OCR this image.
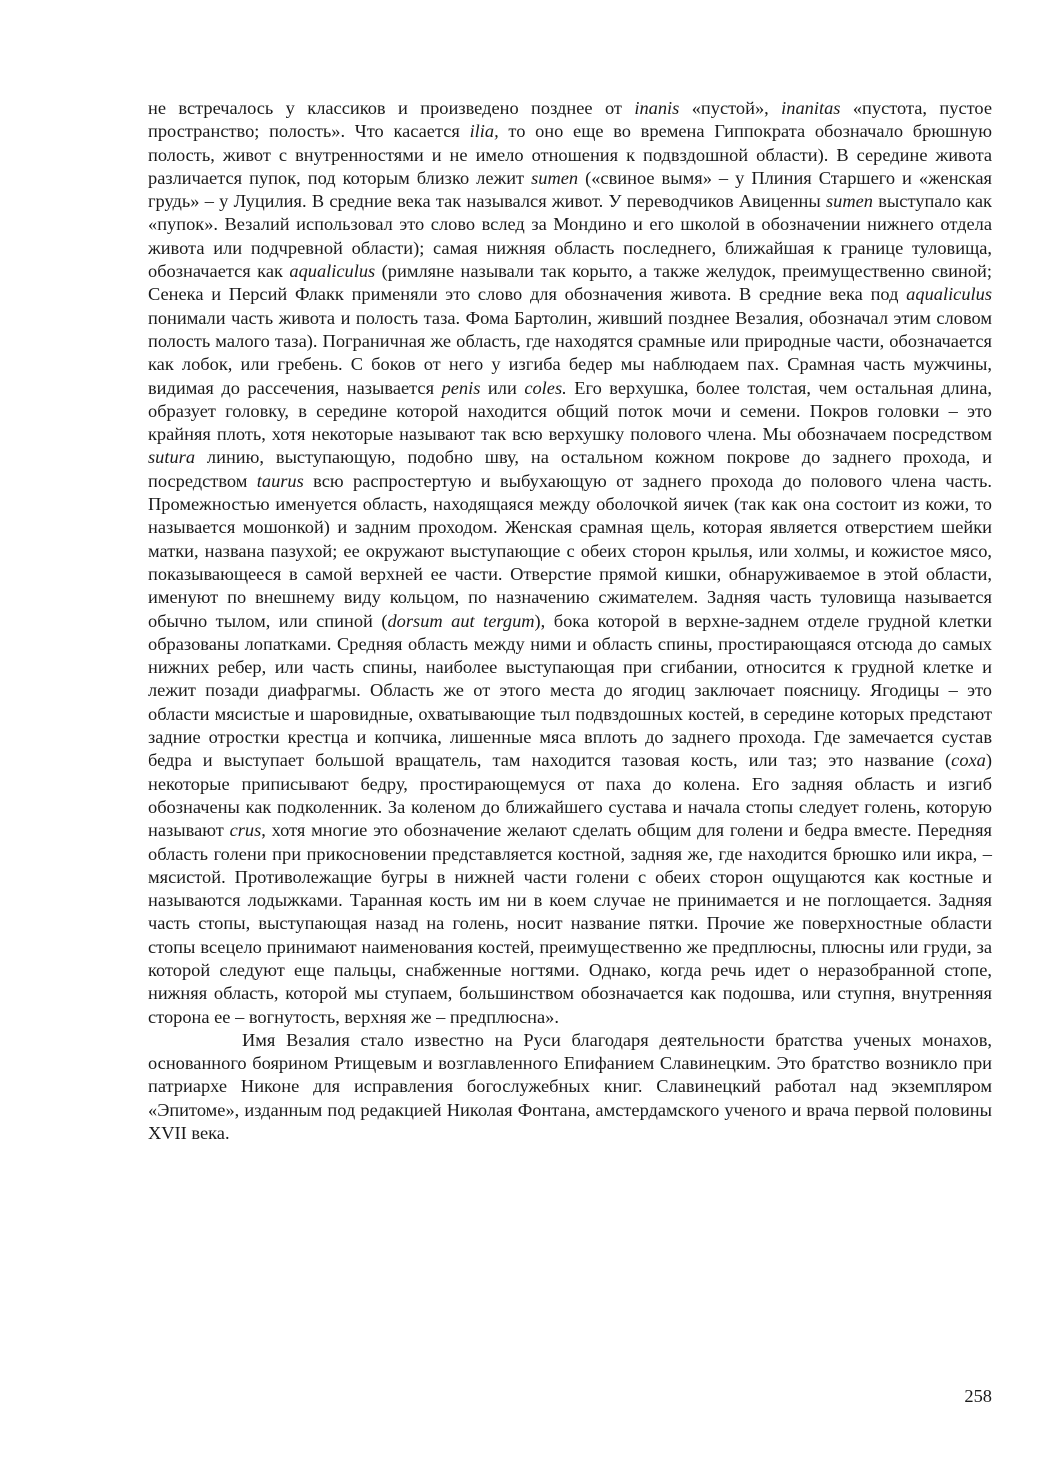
не встречалось у классиков и произведено позднее от inanis «пустой», inanitas «пустота, пустое пространство; полость». Что касается ilia, то оно еще во времена Гиппократа обозначало брюшную полость, живот с внутренностями и не имело отношения к подвздошной области). В середине живота различается пупок, под которым близко лежит sumen («свиное вымя» – у Плиния Старшего и «женская грудь» – у Луцилия. В средние века так назывался живот. У переводчиков Авиценны sumen выступало как «пупок». Везалий использовал это слово вслед за Мондино и его школой в обозначении нижнего отдела живота или подчревной области); самая нижняя область последнего, ближайшая к границе туловища, обозначается как aqualiculus (римляне называли так корыто, а также желудок, преимущественно свиной; Сенека и Персий Флакк применяли это слово для обозначения живота. В средние века под aqualiculus понимали часть живота и полость таза. Фома Бартолин, живший позднее Везалия, обозначал этим словом полость малого таза). Пограничная же область, где находятся срамные или природные части, обозначается как лобок, или гребень. С боков от него у изгиба бедер мы наблюдаем пах. Срамная часть мужчины, видимая до рассечения, называется penis или coles. Его верхушка, более толстая, чем остальная длина, образует головку, в середине которой находится общий поток мочи и семени. Покров головки – это крайняя плоть, хотя некоторые называют так всю верхушку полового члена. Мы обозначаем посредством sutura линию, выступающую, подобно шву, на остальном кожном покрове до заднего прохода, и посредством taurus всю распростертую и выбухающую от заднего прохода до полового члена часть. Промежностью именуется область, находящаяся между оболочкой яичек (так как она состоит из кожи, то называется мошонкой) и задним проходом. Женская срамная щель, которая является отверстием шейки матки, названа пазухой; ее окружают выступающие с обеих сторон крылья, или холмы, и кожистое мясо, показывающееся в самой верхней ее части. Отверстие прямой кишки, обнаруживаемое в этой области, именуют по внешнему виду кольцом, по назначению сжимателем. Задняя часть туловища называется обычно тылом, или спиной (dorsum aut tergum), бока которой в верхне-заднем отделе грудной клетки образованы лопатками. Средняя область между ними и область спины, простирающаяся отсюда до самых нижних ребер, или часть спины, наиболее выступающая при сгибании, относится к грудной клетке и лежит позади диафрагмы. Область же от этого места до ягодиц заключает поясницу. Ягодицы – это области мясистые и шаровидные, охватывающие тыл подвздошных костей, в середине которых предстают задние отростки крестца и копчика, лишенные мяса вплоть до заднего прохода. Где замечается сустав бедра и выступает большой вращатель, там находится тазовая кость, или таз; это название (coxa) некоторые приписывают бедру, простирающемуся от паха до колена. Его задняя область и изгиб обозначены как подколенник. За коленом до ближайшего сустава и начала стопы следует голень, которую называют crus, хотя многие это обозначение желают сделать общим для голени и бедра вместе. Передняя область голени при прикосновении представляется костной, задняя же, где находится брюшко или икра, – мясистой. Противолежащие бугры в нижней части голени с обеих сторон ощущаются как костные и называются лодыжками. Таранная кость им ни в коем случае не принимается и не поглощается. Задняя часть стопы, выступающая назад на голень, носит название пятки. Прочие же поверхностные области стопы всецело принимают наименования костей, преимущественно же предплюсны, плюсны или груди, за которой следуют еще пальцы, снабженные ногтями. Однако, когда речь идет о неразобранной стопе, нижняя область, которой мы ступаем, большинством обозначается как подошва, или ступня, внутренняя сторона ее – вогнутость, верхняя же – предплюсна».

Имя Везалия стало известно на Руси благодаря деятельности братства ученых монахов, основанного боярином Ртищевым и возглавленного Епифанием Славинецким. Это братство возникло при патриархе Никоне для исправления богослужебных книг. Славинецкий работал над экземпляром «Эпитоме», изданным под редакцией Николая Фонтана, амстердамского ученого и врача первой половины XVII века.

258
